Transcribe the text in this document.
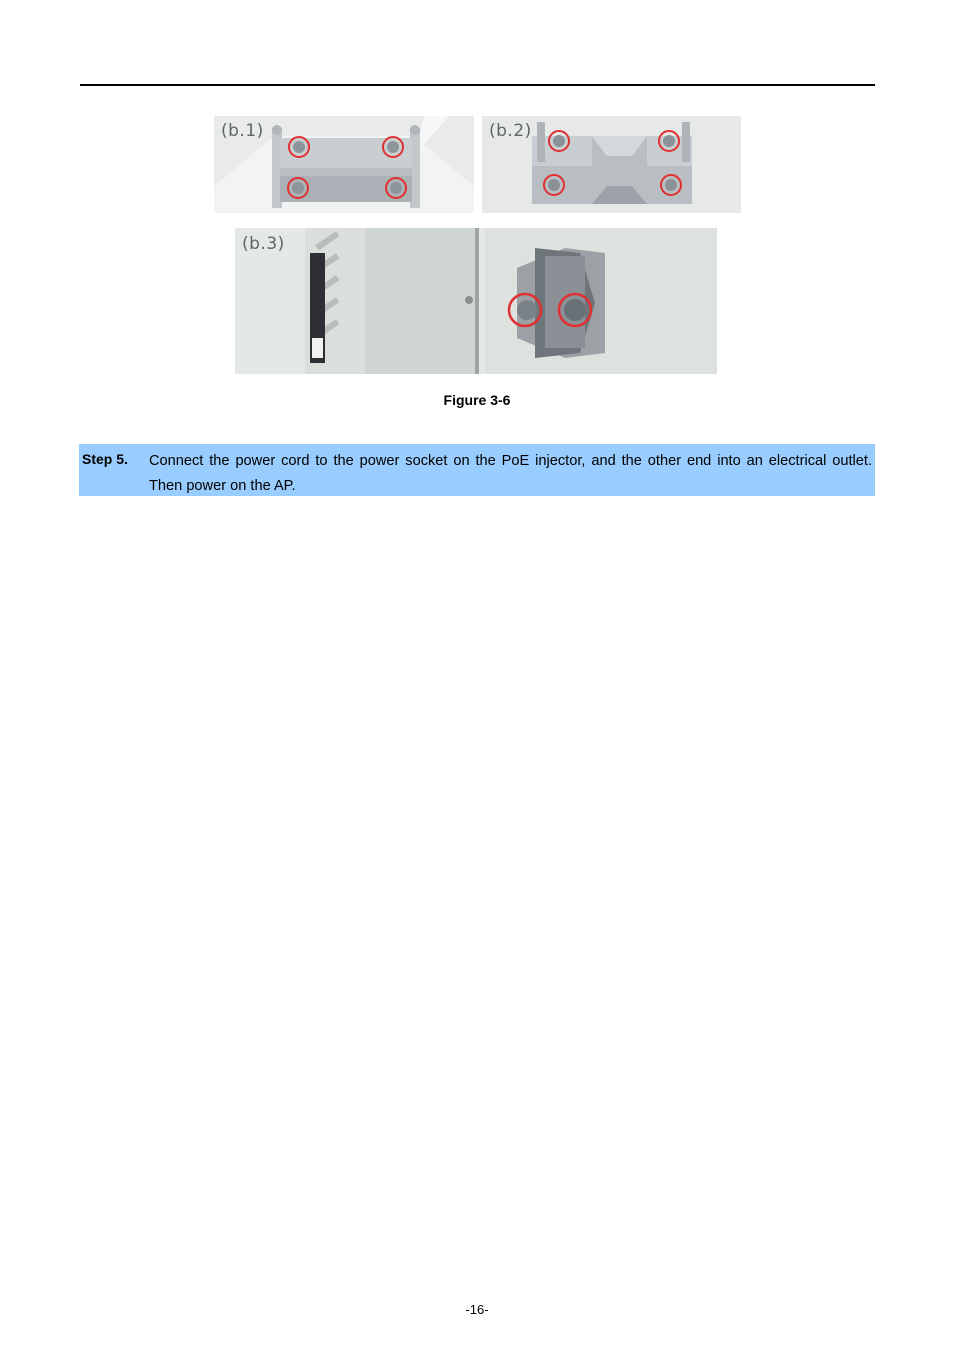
(b.1)	(b.2)
(b.3)
Figure 3-6
Step 5. Connect the power cord to the power socket on the PoE injector, and the other end into an electrical outlet. Then power on the AP.
-16-
